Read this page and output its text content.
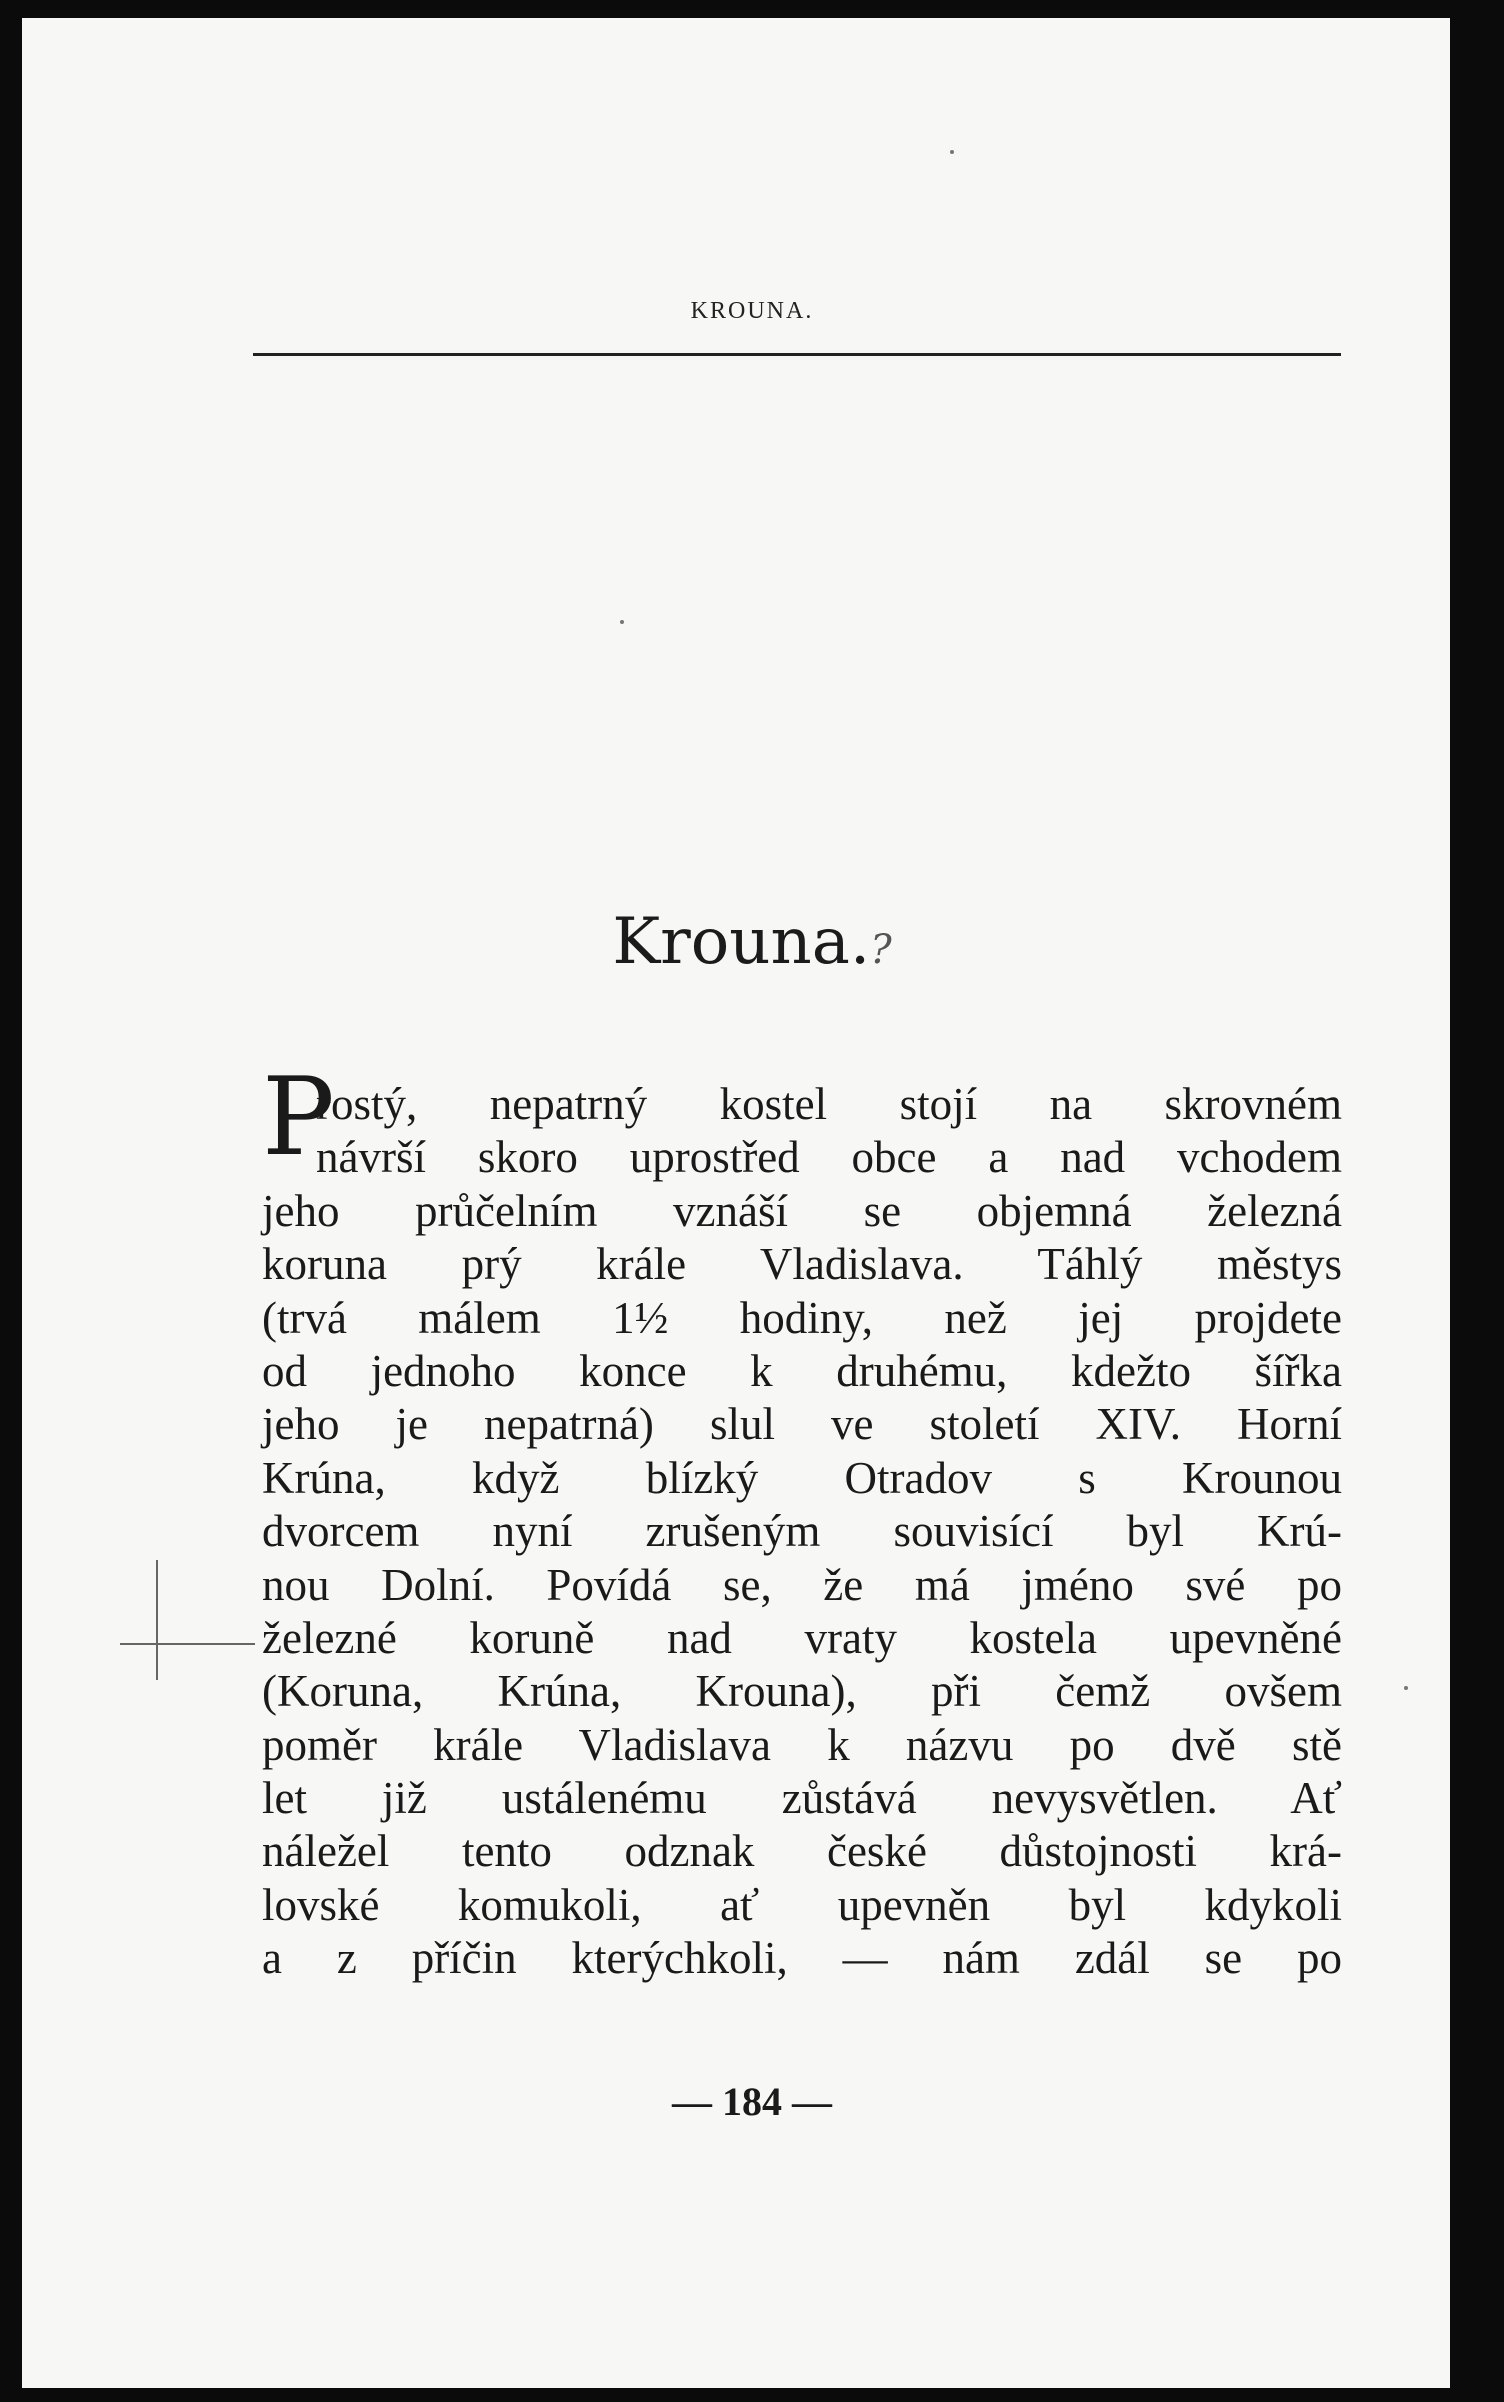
KROUNA.
Krouna.?
P
rostý, nepatrný kostel stojí na skrovném
návrší skoro uprostřed obce a nad vchodem
jeho průčelním vznáší se objemná železná
koruna prý krále Vladislava. Táhlý městys
(trvá málem 1½ hodiny, než jej projdete
od jednoho konce k druhému, kdežto šířka
jeho je nepatrná) slul ve století XIV. Horní
Krúna, když blízký Otradov s Krounou
dvorcem nyní zrušeným souvisící byl Krú-
nou Dolní. Povídá se, že má jméno své po
železné koruně nad vraty kostela upevněné
(Koruna, Krúna, Krouna), při čemž ovšem
poměr krále Vladislava k názvu po dvě stě
let již ustálenému zůstává nevysvětlen. Ať
náležel tento odznak české důstojnosti krá-
lovské komukoli, ať upevněn byl kdykoli
a z příčin kterýchkoli, — nám zdál se po
— 184 —
